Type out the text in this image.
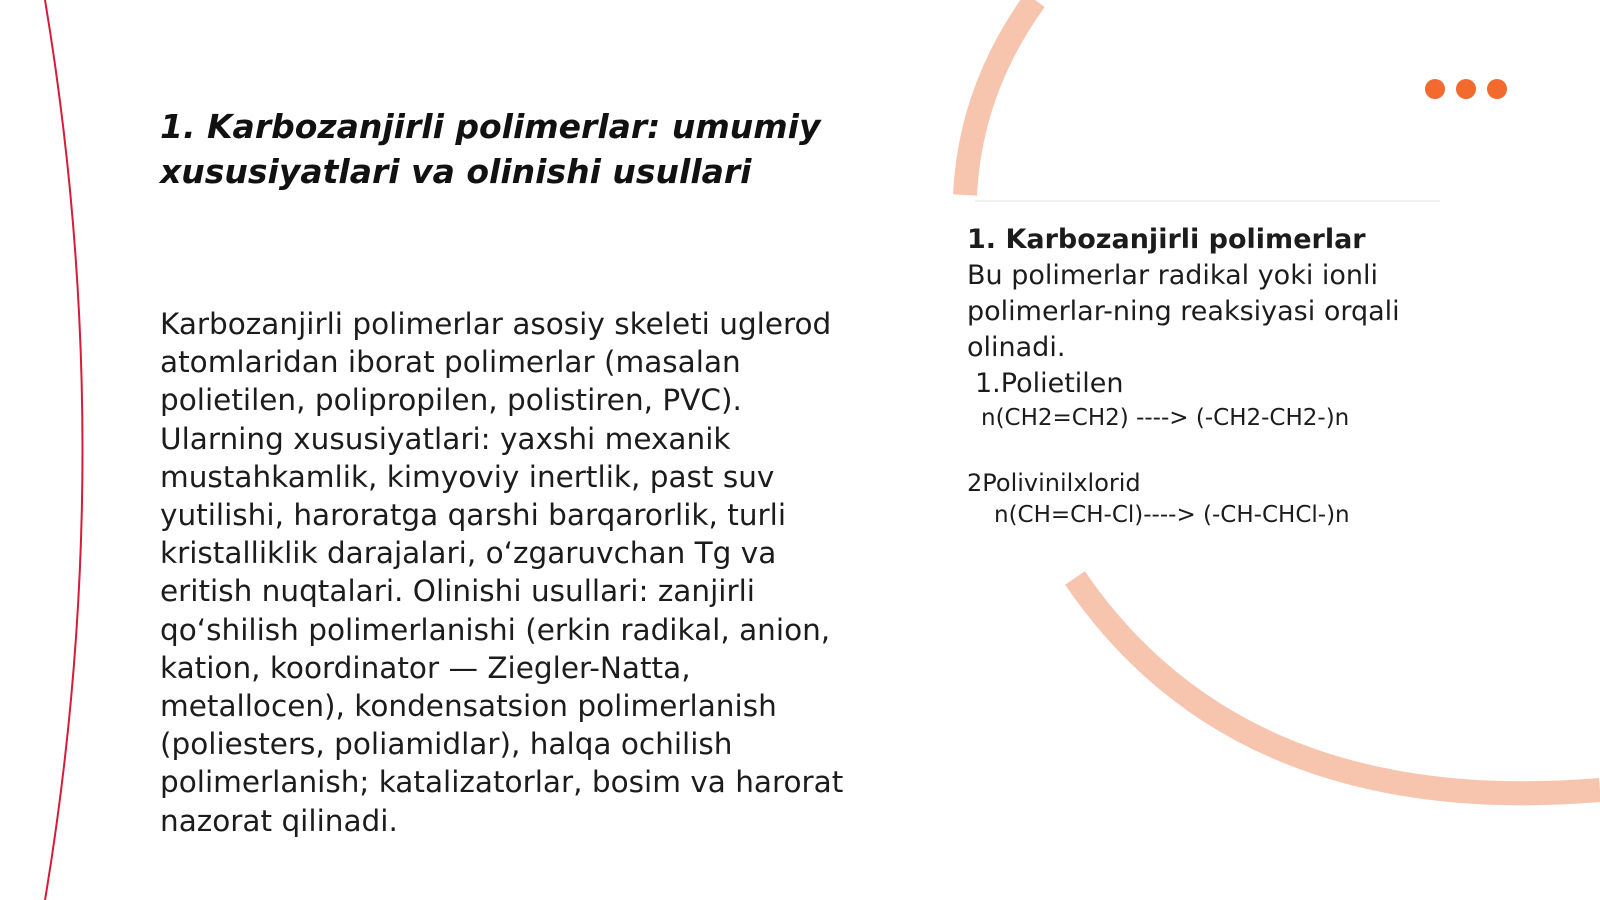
1. Karbozanjirli polimerlar: umumiy xususiyatlari va olinishi usullari

Karbozanjirli polimerlar asosiy skeleti uglerod atomlaridan iborat polimerlar (masalan polietilen, polipropilen, polistiren, PVC). Ularning xususiyatlari: yaxshi mexanik mustahkamlik, kimyoviy inertlik, past suv yutilishi, haroratga qarshi barqarorlik, turli kristalliklik darajalari, o‘zgaruvchan Tg va eritish nuqtalari. Olinishi usullari: zanjirli qo‘shilish polimerlanishi (erkin radikal, anion, kation, koordinator — Ziegler-Natta, metallocen), kondensatsion polimerlanish (poliesters, poliamidlar), halqa ochilish polimerlanish; katalizatorlar, bosim va harorat nazorat qilinadi.

1. Karbozanjirli polimerlar
Bu polimerlar radikal yoki ionli polimerlar-ning reaksiyasi orqali olinadi.
1.Polietilen
n(CH2=CH2) ----> (-CH2-CH2-)n
2Polivinilxlorid
n(CH=CH-Cl)----> (-CH-CHCl-)n
